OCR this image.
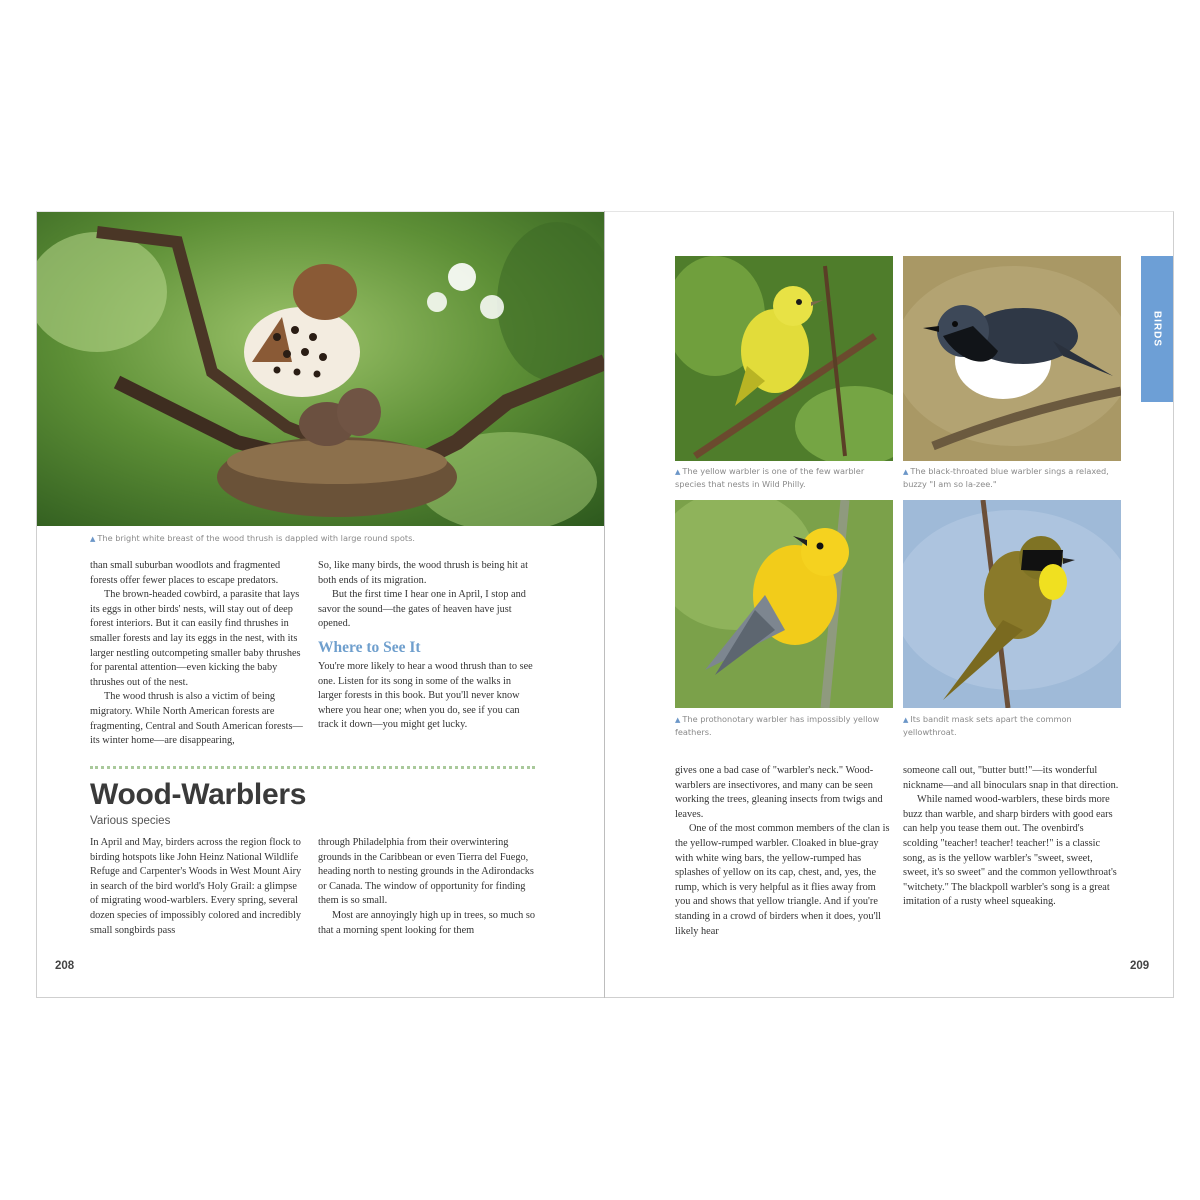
▲ The bright white breast of the wood thrush is dappled with large round spots.

than small suburban woodlots and fragmented forests offer fewer places to escape predators.

The brown-headed cowbird, a parasite that lays its eggs in other birds' nests, will stay out of deep forest interiors. But it can easily find thrushes in smaller forests and lay its eggs in the nest, with its larger nestling outcompeting smaller baby thrushes for parental attention—even kicking the baby thrushes out of the nest.

The wood thrush is also a victim of being migratory. While North American forests are fragmenting, Central and South American forests—its winter home—are disappearing,

So, like many birds, the wood thrush is being hit at both ends of its migration.

But the first time I hear one in April, I stop and savor the sound—the gates of heaven have just opened.

Where to See It

You're more likely to hear a wood thrush than to see one. Listen for its song in some of the walks in larger forests in this book. But you'll never know where you hear one; when you do, see if you can track it down—you might get lucky.

Wood-Warblers
Various species

In April and May, birders across the region flock to birding hotspots like John Heinz National Wildlife Refuge and Carpenter's Woods in West Mount Airy in search of the bird world's Holy Grail: a glimpse of migrating wood-warblers. Every spring, several dozen species of impossibly colored and incredibly small songbirds pass

through Philadelphia from their overwintering grounds in the Caribbean or even Tierra del Fuego, heading north to nesting grounds in the Adirondacks or Canada. The window of opportunity for finding them is so small.

Most are annoyingly high up in trees, so much so that a morning spent looking for them

208
BIRDS
▲ The yellow warbler is one of the few warbler species that nests in Wild Philly.
▲ The black-throated blue warbler sings a relaxed, buzzy "I am so la-zee."
▲ The prothonotary warbler has impossibly yellow feathers.
▲ Its bandit mask sets apart the common yellowthroat.

gives one a bad case of "warbler's neck." Wood-warblers are insectivores, and many can be seen working the trees, gleaning insects from twigs and leaves.

One of the most common members of the clan is the yellow-rumped warbler. Cloaked in blue-gray with white wing bars, the yellow-rumped has splashes of yellow on its cap, chest, and, yes, the rump, which is very helpful as it flies away from you and shows that yellow triangle. And if you're standing in a crowd of birders when it does, you'll likely hear

someone call out, "butter butt!"—its wonderful nickname—and all binoculars snap in that direction.

While named wood-warblers, these birds more buzz than warble, and sharp birders with good ears can help you tease them out. The ovenbird's scolding "teacher! teacher! teacher!" is a classic song, as is the yellow warbler's "sweet, sweet, sweet, it's so sweet" and the common yellowthroat's "witchety." The blackpoll warbler's song is a great imitation of a rusty wheel squeaking.

209
